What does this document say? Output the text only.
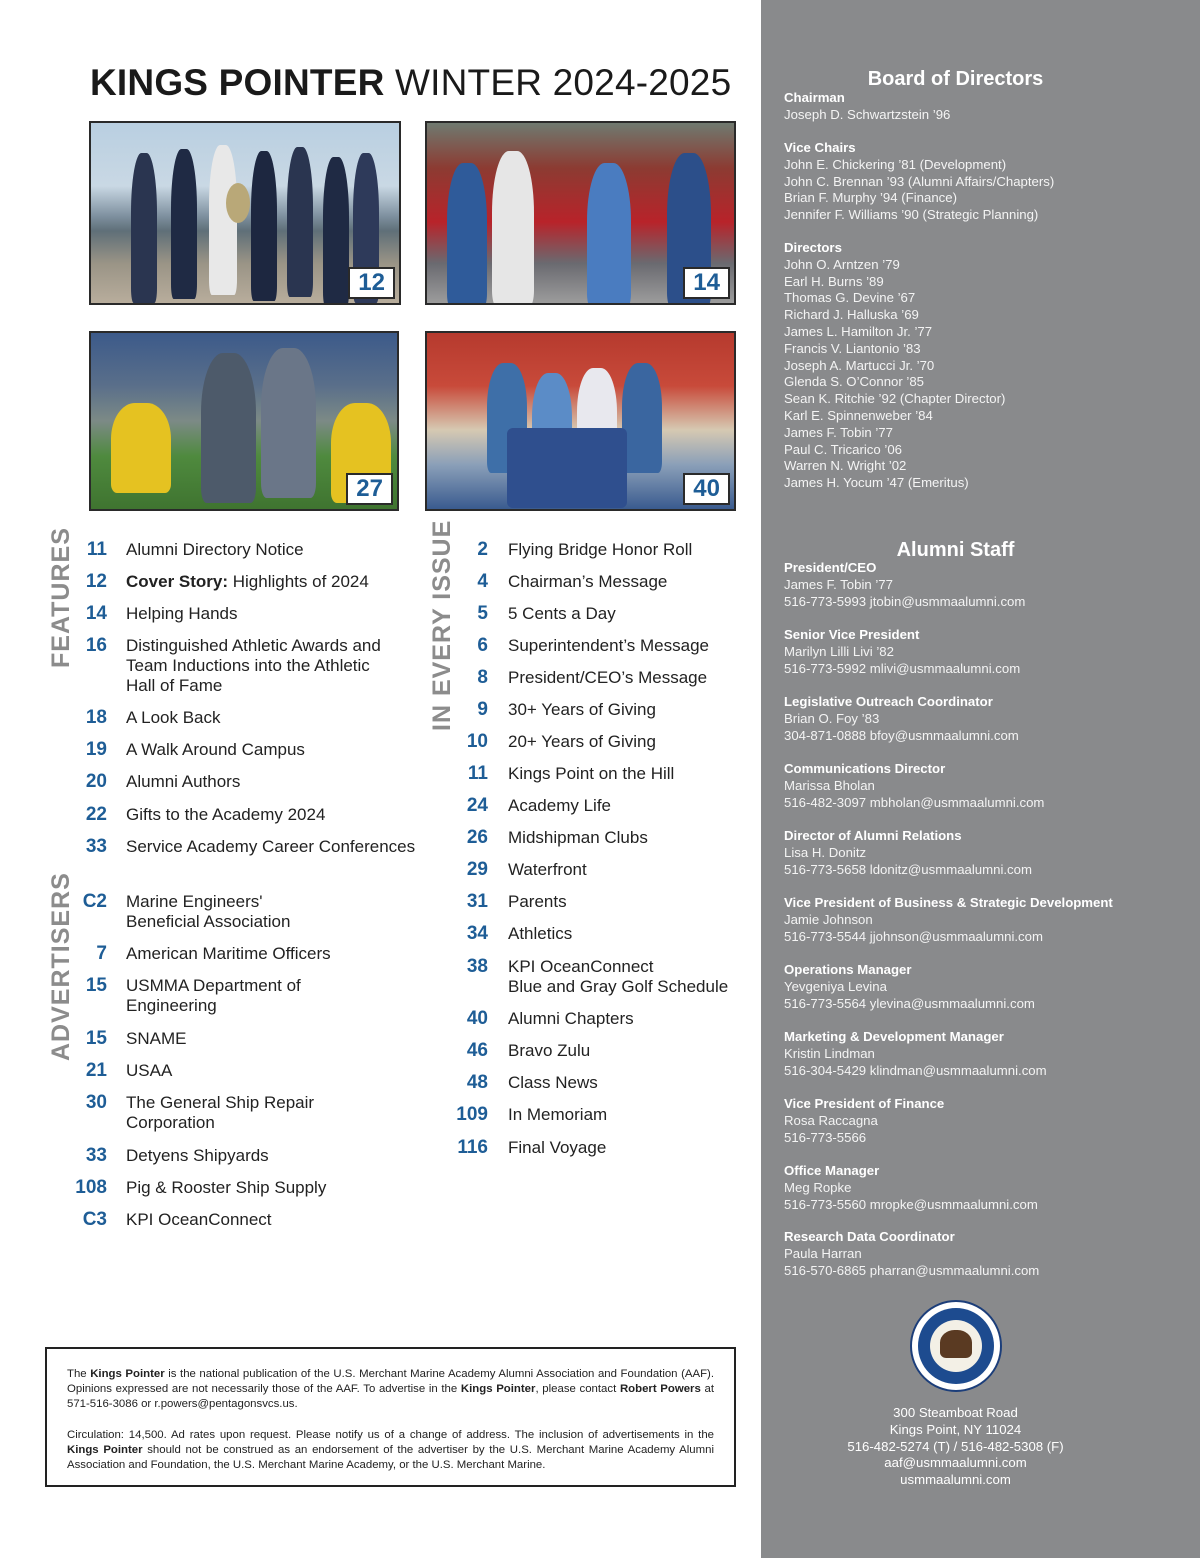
KINGS POINTER WINTER 2024-2025
12	14
27	40
FEATURES
ADVERTISERS
IN EVERY ISSUE
11 Alumni Directory Notice
12 Cover Story: Highlights of 2024
14 Helping Hands
16 Distinguished Athletic Awards and
Team Inductions into the Athletic
Hall of Fame
18 A Look Back
19 A Walk Around Campus
20 Alumni Authors
22 Gifts to the Academy 2024
33 Service Academy Career Conferences
C2 Marine Engineers'
Beneficial Association
7 American Maritime Officers
15 USMMA Department of
Engineering
15 SNAME
21 USAA
30 The General Ship Repair
Corporation
33 Detyens Shipyards
108 Pig & Rooster Ship Supply
C3 KPI OceanConnect
2 Flying Bridge Honor Roll
4 Chairman’s Message
5 5 Cents a Day
6 Superintendent’s Message
8 President/CEO’s Message
9 30+ Years of Giving
10 20+ Years of Giving
11 Kings Point on the Hill
24 Academy Life
26 Midshipman Clubs
29 Waterfront
31 Parents
34 Athletics
38 KPI OceanConnect
Blue and Gray Golf Schedule
40 Alumni Chapters
46 Bravo Zulu
48 Class News
109 In Memoriam
116 Final Voyage

The Kings Pointer is the national publication of the U.S. Merchant Marine Academy Alumni Association and Foundation (AAF). Opinions expressed are not necessarily those of the AAF. To advertise in the Kings Pointer, please contact Robert Powers at 571-516-3086 or r.powers@pentagonsvcs.us.

Circulation: 14,500. Ad rates upon request. Please notify us of a change of address. The inclusion of advertisements in the Kings Pointer should not be construed as an endorsement of the advertiser by the U.S. Merchant Marine Academy Alumni Association and Foundation, the U.S. Merchant Marine Academy, or the U.S. Merchant Marine.

Board of Directors
Chairman
Joseph D. Schwartzstein ’96
Vice Chairs
John E. Chickering ’81 (Development)
John C. Brennan ’93 (Alumni Affairs/Chapters)
Brian F. Murphy ’94 (Finance)
Jennifer F. Williams ’90 (Strategic Planning)
Directors
John O. Arntzen ’79
Earl H. Burns ’89
Thomas G. Devine ’67
Richard J. Halluska ’69
James L. Hamilton Jr. ’77
Francis V. Liantonio ’83
Joseph A. Martucci Jr. ’70
Glenda S. O’Connor ’85
Sean K. Ritchie ’92 (Chapter Director)
Karl E. Spinnenweber ’84
James F. Tobin ’77
Paul C. Tricarico ’06
Warren N. Wright ’02
James H. Yocum ’47 (Emeritus)
Alumni Staff
President/CEO
James F. Tobin ’77
516-773-5993 jtobin@usmmaalumni.com
Senior Vice President
Marilyn Lilli Livi ’82
516-773-5992 mlivi@usmmaalumni.com
Legislative Outreach Coordinator
Brian O. Foy ’83
304-871-0888 bfoy@usmmaalumni.com
Communications Director
Marissa Bholan
516-482-3097 mbholan@usmmaalumni.com
Director of Alumni Relations
Lisa H. Donitz
516-773-5658 ldonitz@usmmaalumni.com
Vice President of Business & Strategic Development
Jamie Johnson
516-773-5544 jjohnson@usmmaalumni.com
Operations Manager
Yevgeniya Levina
516-773-5564 ylevina@usmmaalumni.com
Marketing & Development Manager
Kristin Lindman
516-304-5429 klindman@usmmaalumni.com
Vice President of Finance
Rosa Raccagna
516-773-5566
Office Manager
Meg Ropke
516-773-5560 mropke@usmmaalumni.com
Research Data Coordinator
Paula Harran
516-570-6865 pharran@usmmaalumni.com
300 Steamboat Road
Kings Point, NY 11024
516-482-5274 (T) / 516-482-5308 (F)
aaf@usmmaalumni.com
usmmaalumni.com
